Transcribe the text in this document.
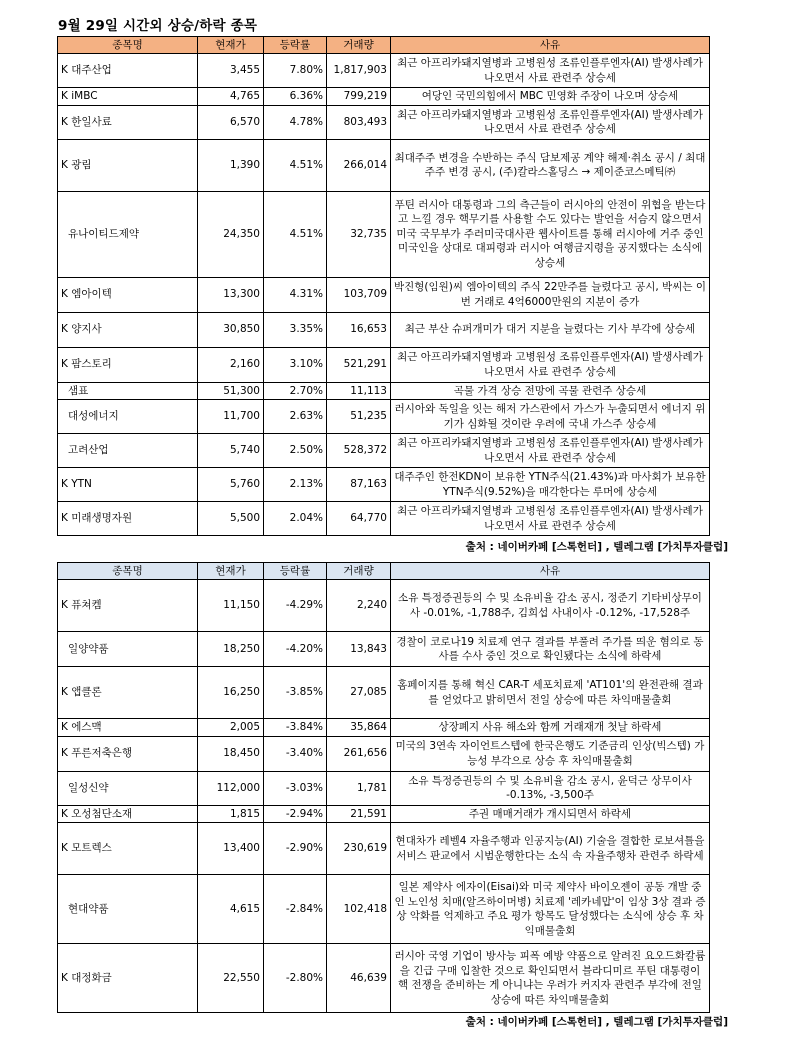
9월 29일 시간외 상승/하락 종목
종목명	현재가	등락률	거래량	사유
K 대주산업	3,455	7.80%	1,817,903	최근 아프리카돼지열병과 고병원성 조류인플루엔자(AI) 발생사례가 나오면서 사료 관련주 상승세
K iMBC	4,765	6.36%	799,219	여당인 국민의힘에서 MBC 민영화 주장이 나오며 상승세
K 한일사료	6,570	4.78%	803,493	최근 아프리카돼지열병과 고병원성 조류인플루엔자(AI) 발생사례가 나오면서 사료 관련주 상승세
K 광림	1,390	4.51%	266,014	최대주주 변경을 수반하는 주식 담보제공 계약 해제·취소 공시 / 최대주주 변경 공시, (주)칼라스홀딩스 → 제이준코스메틱㈜
유나이티드제약	24,350	4.51%	32,735	푸틴 러시아 대통령과 그의 측근들이 러시아의 안전이 위협을 받는다고 느낄 경우 핵무기를 사용할 수도 있다는 발언을 서슴지 않으면서 미국 국무부가 주러미국대사관 웹사이트를 통해 러시아에 거주 중인 미국인을 상대로 대피령과 러시아 여행금지령을 공지했다는 소식에 상승세
K 엠아이텍	13,300	4.31%	103,709	박진형(임원)씨 엠아이텍의 주식 22만주를 늘렸다고 공시, 박씨는 이번 거래로 4억6000만원의 지분이 증가
K 양지사	30,850	3.35%	16,653	최근 부산 슈퍼개미가 대거 지분을 늘렸다는 기사 부각에 상승세
K 팜스토리	2,160	3.10%	521,291	최근 아프리카돼지열병과 고병원성 조류인플루엔자(AI) 발생사례가 나오면서 사료 관련주 상승세
샘표	51,300	2.70%	11,113	곡물 가격 상승 전망에 곡물 관련주 상승세
대성에너지	11,700	2.63%	51,235	러시아와 독일을 잇는 해저 가스관에서 가스가 누출되면서 에너지 위기가 심화될 것이란 우려에 국내 가스주 상승세
고려산업	5,740	2.50%	528,372	최근 아프리카돼지열병과 고병원성 조류인플루엔자(AI) 발생사례가 나오면서 사료 관련주 상승세
K YTN	5,760	2.13%	87,163	대주주인 한전KDN이 보유한 YTN주식(21.43%)과 마사회가 보유한 YTN주식(9.52%)을 매각한다는 루머에 상승세
K 미래생명자원	5,500	2.04%	64,770	최근 아프리카돼지열병과 고병원성 조류인플루엔자(AI) 발생사례가 나오면서 사료 관련주 상승세
출처 : 네이버카페 [스톡헌터] , 텔레그램 [가치투자클럽]
종목명	현재가	등락률	거래량	사유
K 퓨쳐켐	11,150	-4.29%	2,240	소유 특정증권등의 수 및 소유비율 감소 공시, 정준기 기타비상무이사 -0.01%, -1,788주, 김희섭 사내이사 -0.12%, -17,528주
일양약품	18,250	-4.20%	13,843	경찰이 코로나19 치료제 연구 결과를 부풀려 주가를 띄운 혐의로 동사를 수사 중인 것으로 확인됐다는 소식에 하락세
K 앱클론	16,250	-3.85%	27,085	홈페이지를 통해 혁신 CAR-T 세포치료제 'AT101'의 완전관해 결과를 얻었다고 밝히면서 전일 상승에 따른 차익매물출회
K 에스맥	2,005	-3.84%	35,864	상장폐지 사유 해소와 함께 거래재개 첫날 하락세
K 푸른저축은행	18,450	-3.40%	261,656	미국의 3연속 자이언트스텝에 한국은행도 기준금리 인상(빅스텝) 가능성 부각으로 상승 후 차익매물출회
일성신약	112,000	-3.03%	1,781	소유 특정증권등의 수 및 소유비율 감소 공시, 윤덕근 상무이사 -0.13%, -3,500주
K 오성첨단소재	1,815	-2.94%	21,591	주권 매매거래가 개시되면서 하락세
K 모트렉스	13,400	-2.90%	230,619	현대차가 레벨4 자율주행과 인공지능(AI) 기술을 결합한 로보셔틀을 서비스 판교에서 시범운행한다는 소식 속 자율주행차 관련주 하락세
현대약품	4,615	-2.84%	102,418	일본 제약사 에자이(Eisai)와 미국 제약사 바이오젠이 공동 개발 중인 노인성 치매(알즈하이머병) 치료제 '레카네맙'이 임상 3상 결과 증상 악화를 억제하고 주요 평가 항목도 달성했다는 소식에 상승 후 차익매물출회
K 대정화금	22,550	-2.80%	46,639	러시아 국영 기업이 방사능 피폭 예방 약품으로 알려진 요오드화칼륨을 긴급 구매 입찰한 것으로 확인되면서 블라디미르 푸틴 대통령이 핵 전쟁을 준비하는 게 아니냐는 우려가 커지자 관련주 부각에 전일 상승에 따른 차익매물출회
출처 : 네이버카페 [스톡헌터] , 텔레그램 [가치투자클럽]
